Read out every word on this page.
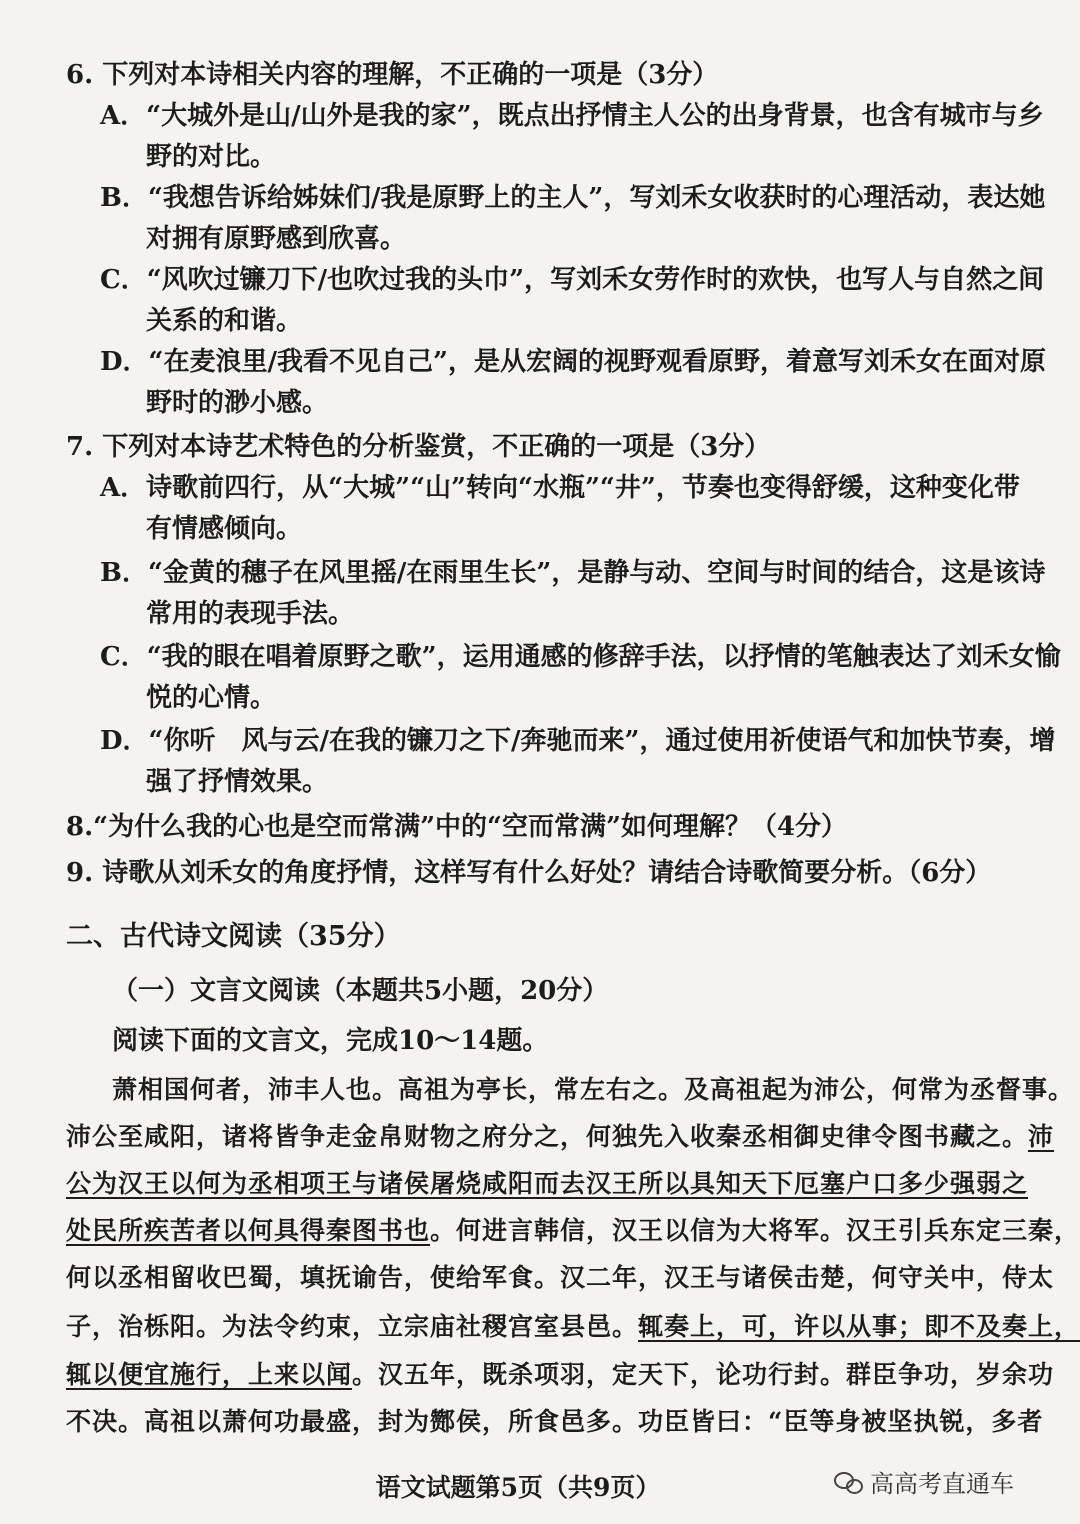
6. 下列对本诗相关内容的理解，不正确的一项是（3分）
A．“大城外是山/山外是我的家”，既点出抒情主人公的出身背景，也含有城市与乡
野的对比。
B．“我想告诉给姊妹们/我是原野上的主人”，写刘禾女收获时的心理活动，表达她
对拥有原野感到欣喜。
C．“风吹过镰刀下/也吹过我的头巾”，写刘禾女劳作时的欢快，也写人与自然之间
关系的和谐。
D．“在麦浪里/我看不见自己”，是从宏阔的视野观看原野，着意写刘禾女在面对原
野时的渺小感。
7. 下列对本诗艺术特色的分析鉴赏，不正确的一项是（3分）
A．诗歌前四行，从“大城”“山”转向“水瓶”“井”，节奏也变得舒缓，这种变化带
有情感倾向。
B．“金黄的穗子在风里摇/在雨里生长”，是静与动、空间与时间的结合，这是该诗
常用的表现手法。
C．“我的眼在唱着原野之歌”，运用通感的修辞手法，以抒情的笔触表达了刘禾女愉
悦的心情。
D．“你听　风与云/在我的镰刀之下/奔驰而来”，通过使用祈使语气和加快节奏，增
强了抒情效果。
8.“为什么我的心也是空而常满”中的“空而常满”如何理解？（4分）
9. 诗歌从刘禾女的角度抒情，这样写有什么好处？请结合诗歌简要分析。（6分）
二、古代诗文阅读（35分）
（一）文言文阅读（本题共5小题，20分）
阅读下面的文言文，完成10～14题。
萧相国何者，沛丰人也。高祖为亭长，常左右之。及高祖起为沛公，何常为丞督事。
沛公至咸阳，诸将皆争走金帛财物之府分之，何独先入收秦丞相御史律令图书藏之。沛
公为汉王以何为丞相项王与诸侯屠烧咸阳而去汉王所以具知天下厄塞户口多少强弱之
处民所疾苦者以何具得秦图书也。何进言韩信，汉王以信为大将军。汉王引兵东定三秦，
何以丞相留收巴蜀，填抚谕告，使给军食。汉二年，汉王与诸侯击楚，何守关中，侍太
子，治栎阳。为法令约束，立宗庙社稷宫室县邑。辄奏上，可，许以从事；即不及奏上，
辄以便宜施行，上来以闻。汉五年，既杀项羽，定天下，论功行封。群臣争功，岁余功
不决。高祖以萧何功最盛，封为酂侯，所食邑多。功臣皆曰：“臣等身被坚执锐，多者
语文试题第5页（共9页）	高高考直通车
